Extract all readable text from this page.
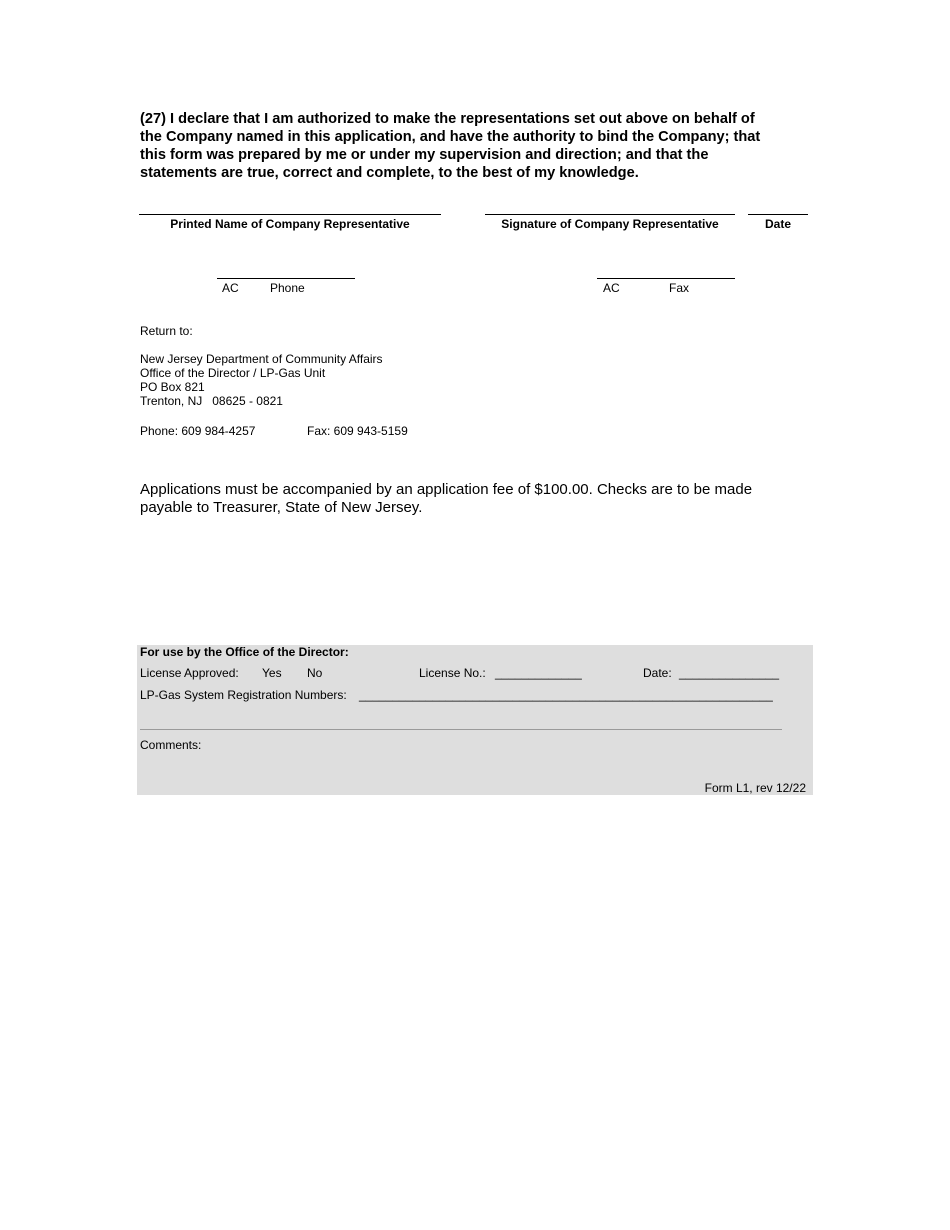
(27) I declare that I am authorized to make the representations set out above on behalf of
the Company named in this application, and have the authority to bind the Company; that
this form was prepared by me or under my supervision and direction; and that the
statements are true, correct and complete, to the best of my knowledge.
Printed Name of Company Representative	Signature of Company Representative	Date
AC	Phone	AC	Fax
Return to:
New Jersey Department of Community Affairs
Office of the Director / LP-Gas Unit
PO Box 821
Trenton, NJ   08625 - 0821
Phone: 609 984-4257	Fax: 609 943-5159
Applications must be accompanied by an application fee of $100.00. Checks are to be made
payable to Treasurer, State of New Jersey.
For use by the Office of the Director:
License Approved: Yes No	License No.: _____________	Date: _______________
LP-Gas System Registration Numbers: ______________________________________________________________
Comments:
Form L1, rev 12/22
